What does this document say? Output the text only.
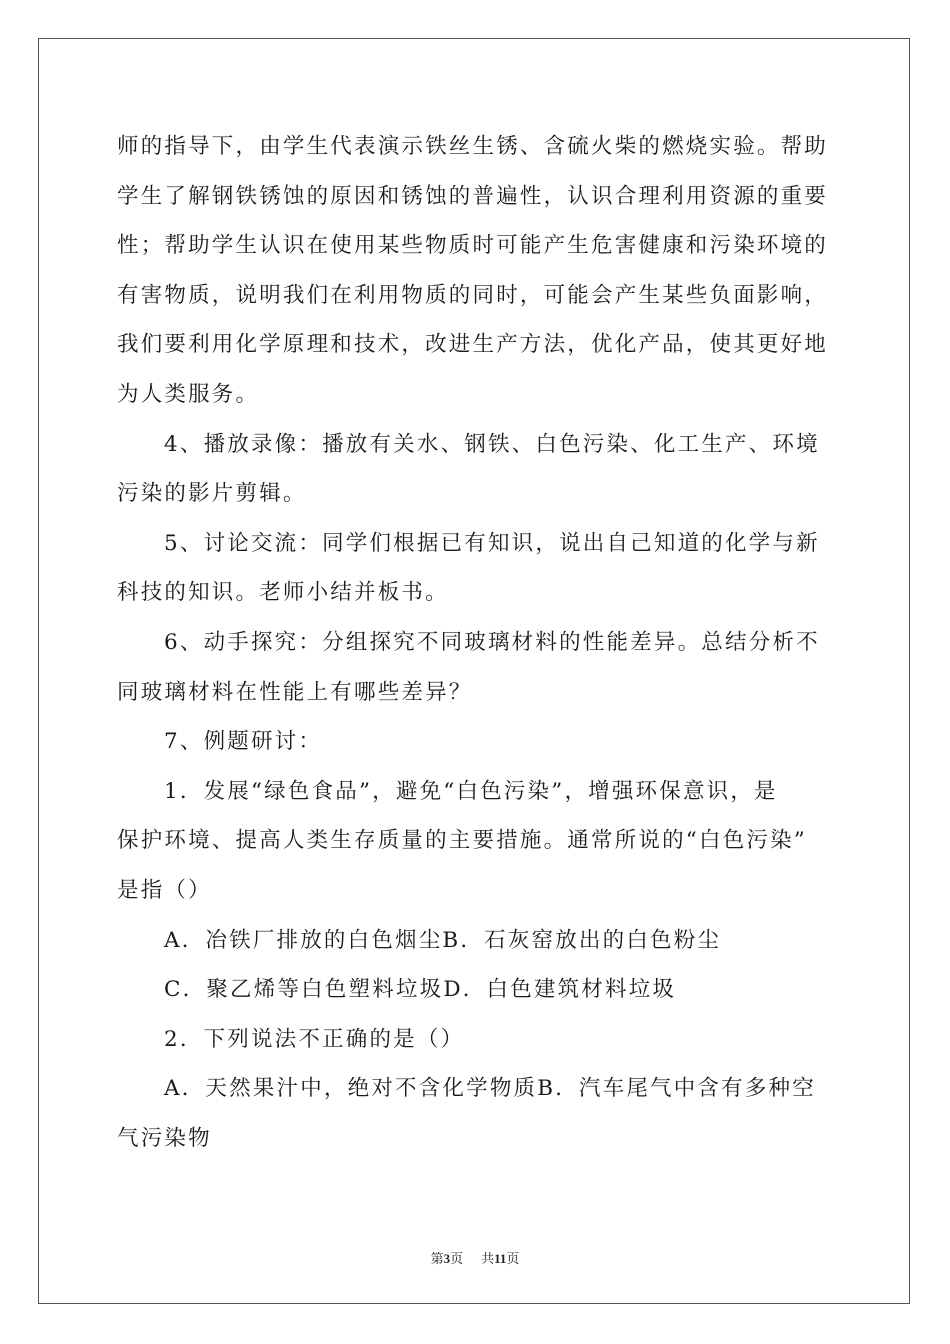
师的指导下，由学生代表演示铁丝生锈、含硫火柴的燃烧实验。帮助
学生了解钢铁锈蚀的原因和锈蚀的普遍性，认识合理利用资源的重要
性；帮助学生认识在使用某些物质时可能产生危害健康和污染环境的
有害物质，说明我们在利用物质的同时，可能会产生某些负面影响，
我们要利用化学原理和技术，改进生产方法，优化产品，使其更好地
为人类服务。
4、播放录像：播放有关水、钢铁、白色污染、化工生产、环境
污染的影片剪辑。
5、讨论交流：同学们根据已有知识，说出自己知道的化学与新
科技的知识。老师小结并板书。
6、动手探究：分组探究不同玻璃材料的性能差异。总结分析不
同玻璃材料在性能上有哪些差异？
7、例题研讨：
1．发展“绿色食品”，避免“白色污染”，增强环保意识，是
保护环境、提高人类生存质量的主要措施。通常所说的“白色污染”
是指（）
A．冶铁厂排放的白色烟尘B．石灰窑放出的白色粉尘
C．聚乙烯等白色塑料垃圾D．白色建筑材料垃圾
2．下列说法不正确的是（）
A．天然果汁中，绝对不含化学物质B．汽车尾气中含有多种空
气污染物
第3页 共11页
